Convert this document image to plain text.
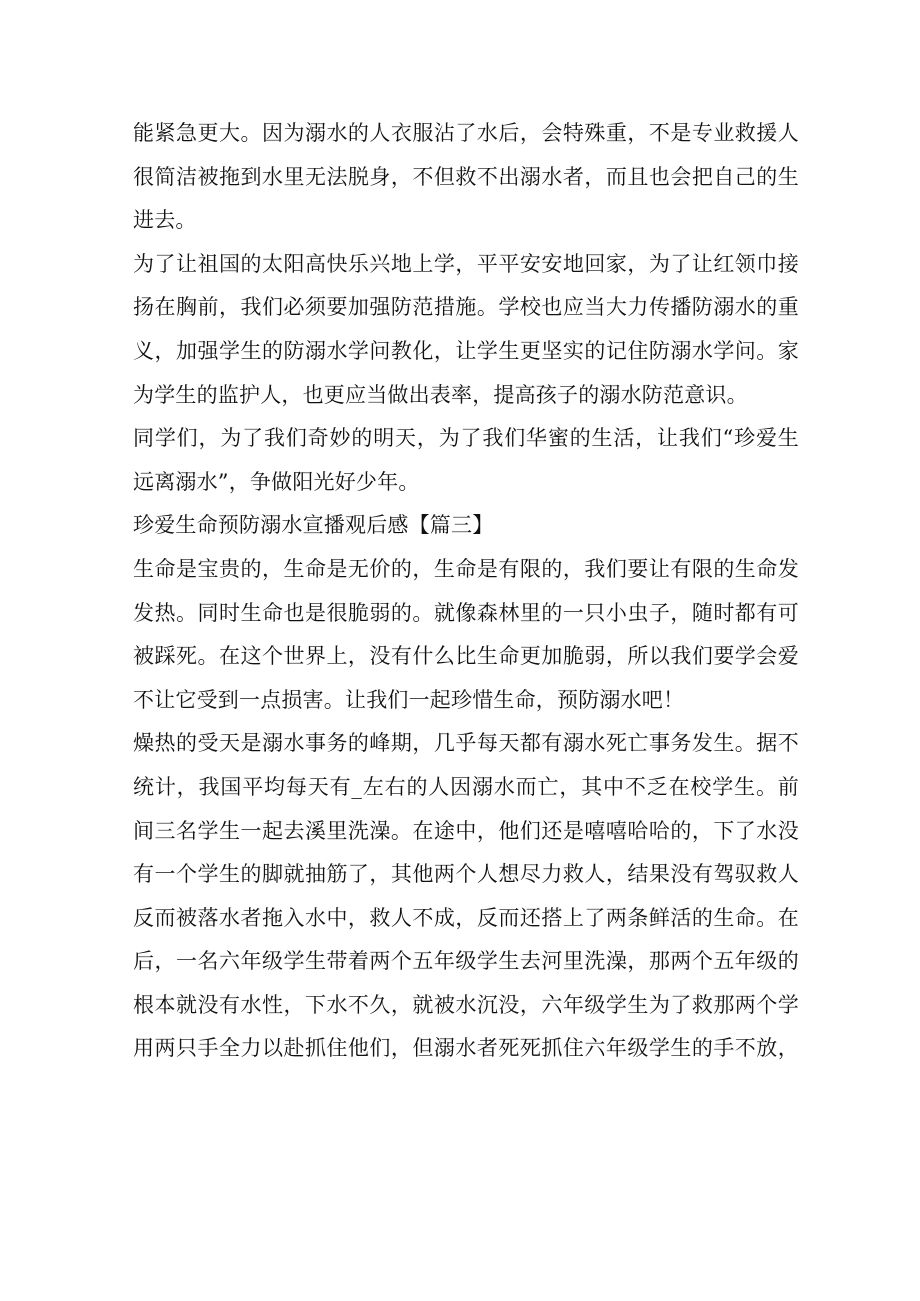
能紧急更大。因为溺水的人衣服沾了水后，会特殊重，不是专业救援人
很简洁被拖到水里无法脱身，不但救不出溺水者，而且也会把自己的生
进去。
为了让祖国的太阳高快乐兴地上学，平平安安地回家，为了让红领巾接
扬在胸前，我们必须要加强防范措施。学校也应当大力传播防溺水的重
义，加强学生的防溺水学问教化，让学生更坚实的记住防溺水学问。家
为学生的监护人，也更应当做出表率，提高孩子的溺水防范意识。
同学们，为了我们奇妙的明天，为了我们华蜜的生活，让我们“珍爱生
远离溺水”，争做阳光好少年。
珍爱生命预防溺水宣播观后感【篇三】
生命是宝贵的，生命是无价的，生命是有限的，我们要让有限的生命发
发热。同时生命也是很脆弱的。就像森林里的一只小虫子，随时都有可
被踩死。在这个世界上，没有什么比生命更加脆弱，所以我们要学会爱
不让它受到一点损害。让我们一起珍惜生命，预防溺水吧！
燥热的受天是溺水事务的峰期，几乎每天都有溺水死亡事务发生。据不
统计，我国平均每天有_左右的人因溺水而亡，其中不乏在校学生。前
间三名学生一起去溪里洗澡。在途中，他们还是嘻嘻哈哈的，下了水没
有一个学生的脚就抽筋了，其他两个人想尽力救人，结果没有驾驭救人
反而被落水者拖入水中，救人不成，反而还搭上了两条鲜活的生命。在
后，一名六年级学生带着两个五年级学生去河里洗澡，那两个五年级的
根本就没有水性，下水不久，就被水沉没，六年级学生为了救那两个学
用两只手全力以赴抓住他们，但溺水者死死抓住六年级学生的手不放，
